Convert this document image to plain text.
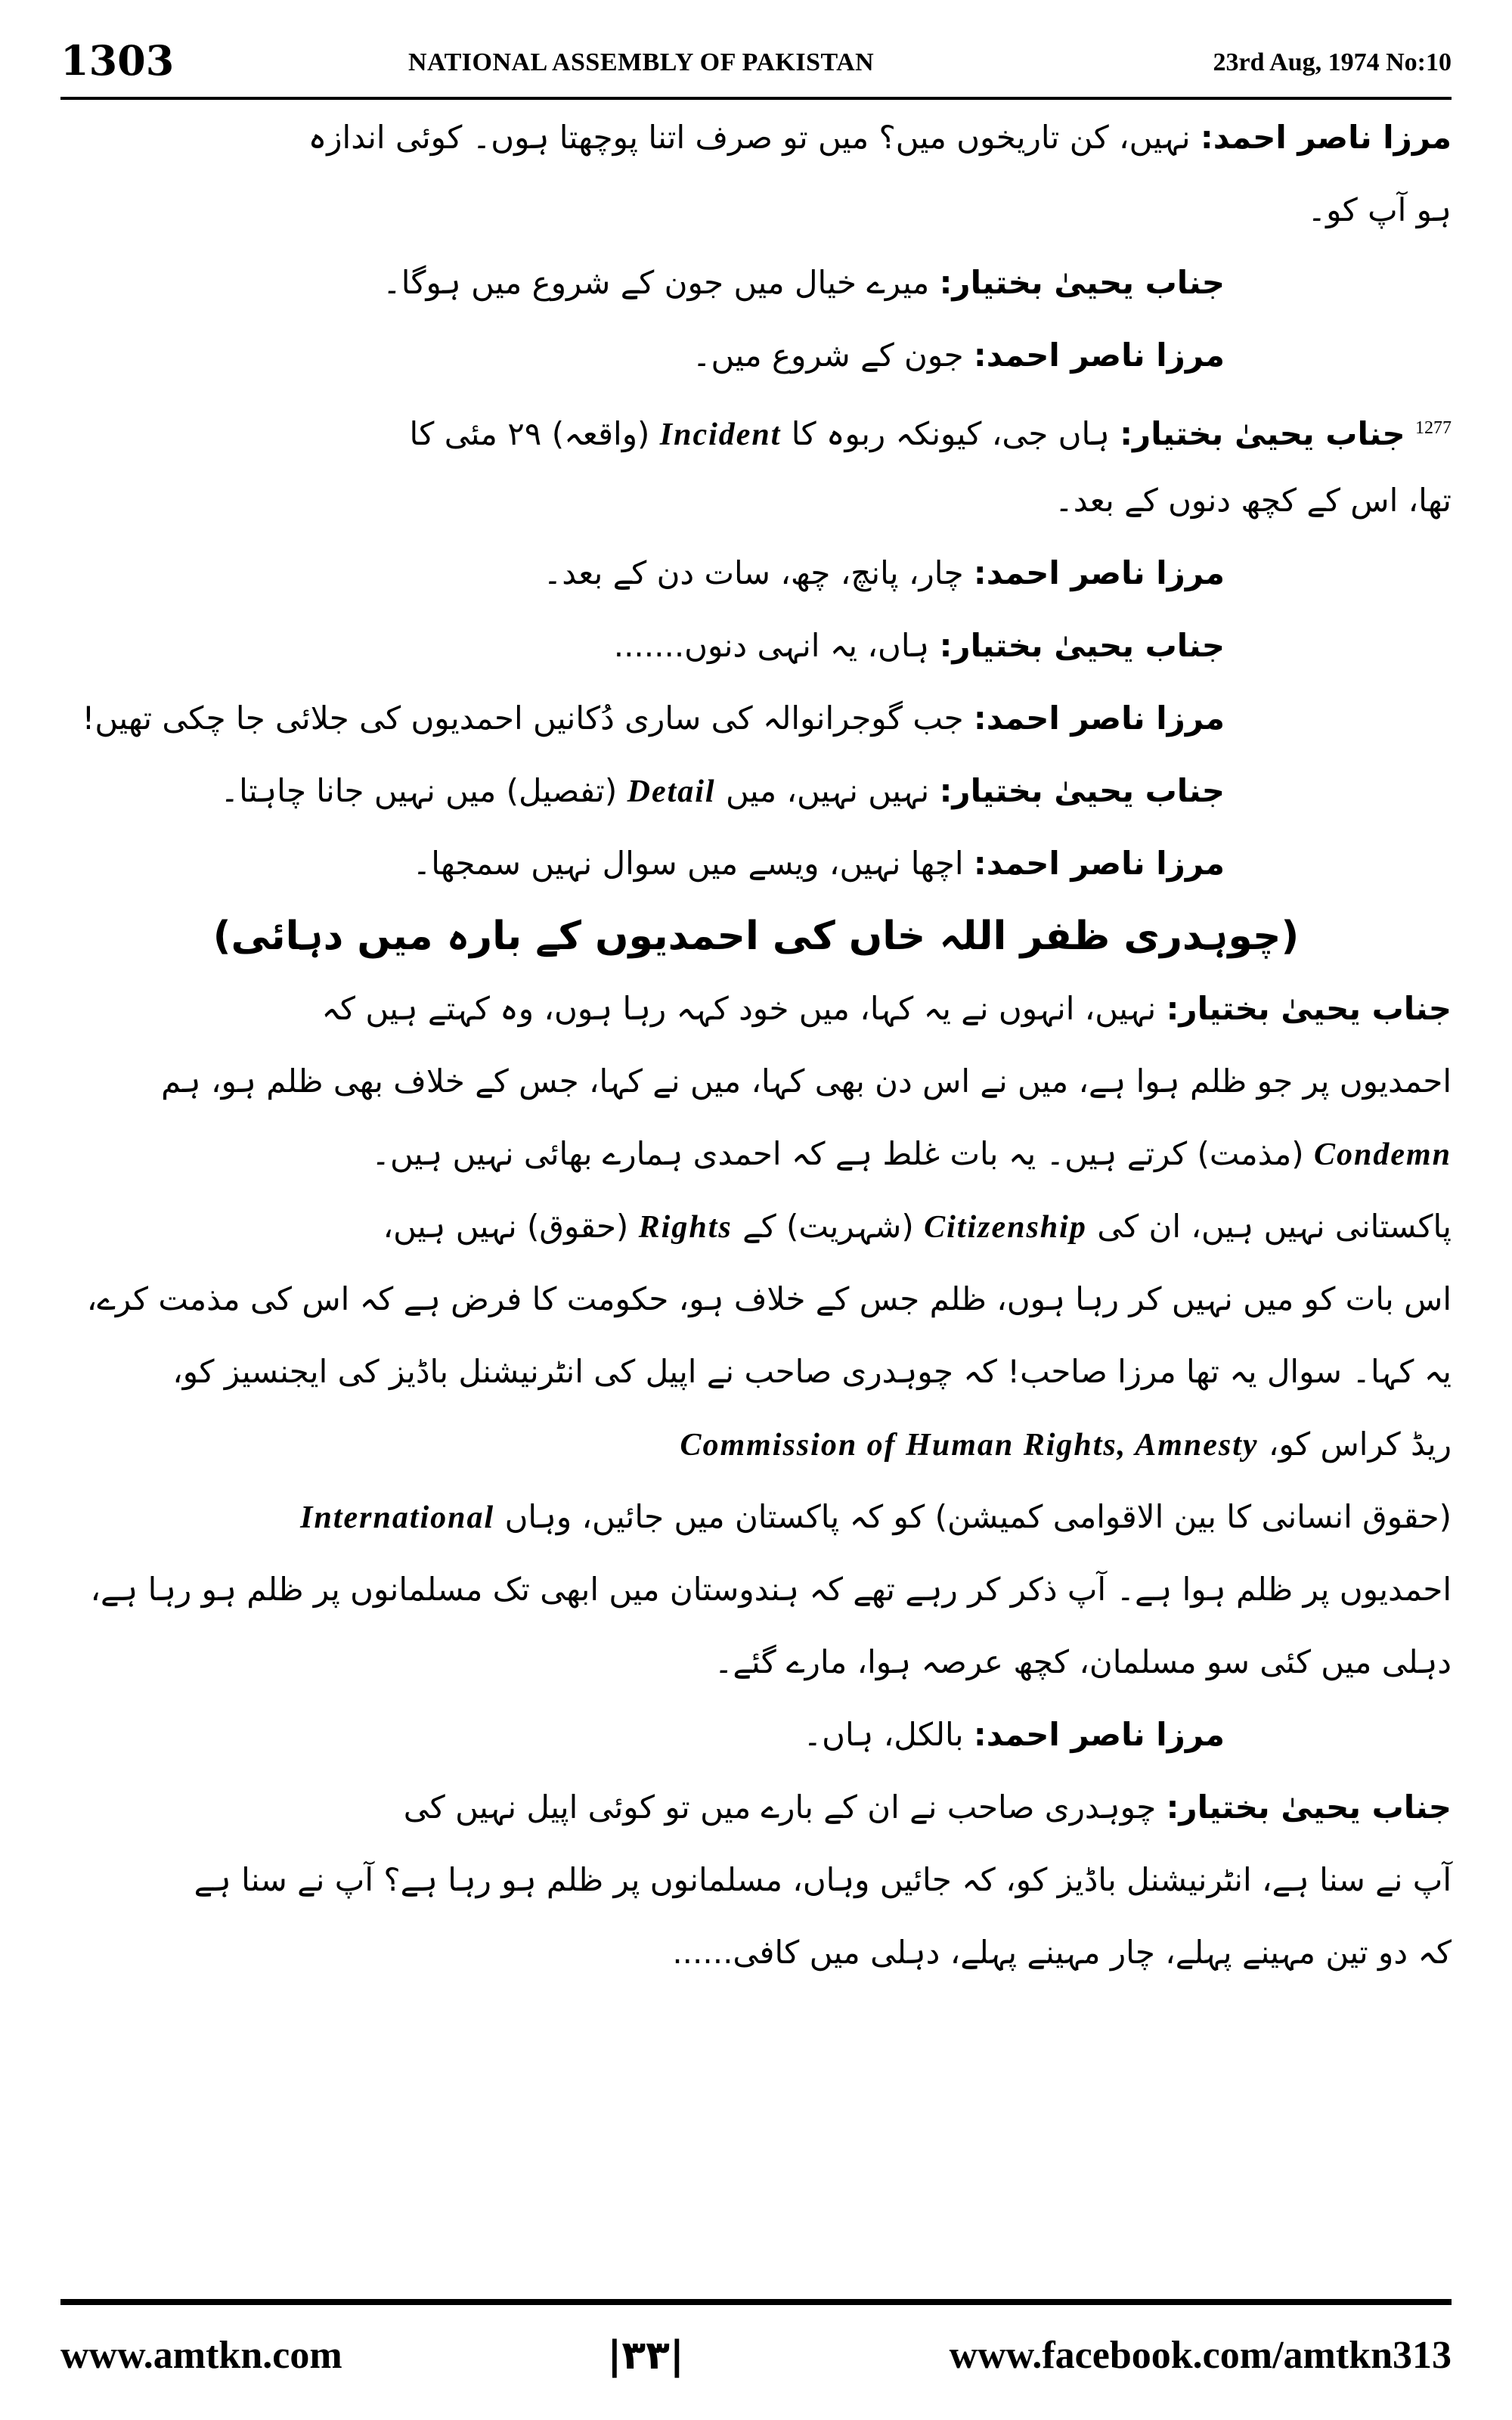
1303	NATIONAL ASSEMBLY OF PAKISTAN	23rd Aug, 1974 No:10
مرزا ناصر احمد: نہیں، کن تاریخوں میں؟ میں تو صرف اتنا پوچھتا ہوں۔ کوئی اندازہ
ہو آپ کو۔
جناب یحییٰ بختیار: میرے خیال میں جون کے شروع میں ہوگا۔
مرزا ناصر احمد: جون کے شروع میں۔
$^{1277}$ جناب یحییٰ بختیار: ہاں جی، کیونکہ ربوہ کا Incident (واقعہ) ۲۹ مئی کا
تھا، اس کے کچھ دنوں کے بعد۔
مرزا ناصر احمد: چار، پانچ، چھ، سات دن کے بعد۔
جناب یحییٰ بختیار: ہاں، یہ انہی دنوں.......
مرزا ناصر احمد: جب گوجرانوالہ کی ساری دُکانیں احمدیوں کی جلائی جا چکی تھیں!
جناب یحییٰ بختیار: نہیں نہیں، میں Detail (تفصیل) میں نہیں جانا چاہتا۔
مرزا ناصر احمد: اچھا نہیں، ویسے میں سوال نہیں سمجھا۔
(چوہدری ظفر اللہ خاں کی احمدیوں کے بارہ میں دہائی)
جناب یحییٰ بختیار: نہیں، انہوں نے یہ کہا، میں خود کہہ رہا ہوں، وہ کہتے ہیں کہ
احمدیوں پر جو ظلم ہوا ہے، میں نے اس دن بھی کہا، میں نے کہا، جس کے خلاف بھی ظلم ہو، ہم
Condemn (مذمت) کرتے ہیں۔ یہ بات غلط ہے کہ احمدی ہمارے بھائی نہیں ہیں۔
پاکستانی نہیں ہیں، ان کی Citizenship (شہریت) کے Rights (حقوق) نہیں ہیں،
اس بات کو میں نہیں کر رہا ہوں، ظلم جس کے خلاف ہو، حکومت کا فرض ہے کہ اس کی مذمت کرے،
یہ کہا۔ سوال یہ تھا مرزا صاحب! کہ چوہدری صاحب نے اپیل کی انٹرنیشنل باڈیز کی ایجنسیز کو،
ریڈ کراس کو، Commission of Human Rights, Amnesty
(حقوق انسانی کا بین الاقوامی کمیشن) کو کہ پاکستان میں جائیں، وہاں International
احمدیوں پر ظلم ہوا ہے۔ آپ ذکر کر رہے تھے کہ ہندوستان میں ابھی تک مسلمانوں پر ظلم ہو رہا ہے،
دہلی میں کئی سو مسلمان، کچھ عرصہ ہوا، مارے گئے۔
مرزا ناصر احمد: بالکل، ہاں۔
جناب یحییٰ بختیار: چوہدری صاحب نے ان کے بارے میں تو کوئی اپیل نہیں کی
آپ نے سنا ہے، انٹرنیشنل باڈیز کو، کہ جائیں وہاں، مسلمانوں پر ظلم ہو رہا ہے؟ آپ نے سنا ہے
کہ دو تین مہینے پہلے، چار مہینے پہلے، دہلی میں کافی......
www.amtkn.com	|۳۳|	www.facebook.com/amtkn313
